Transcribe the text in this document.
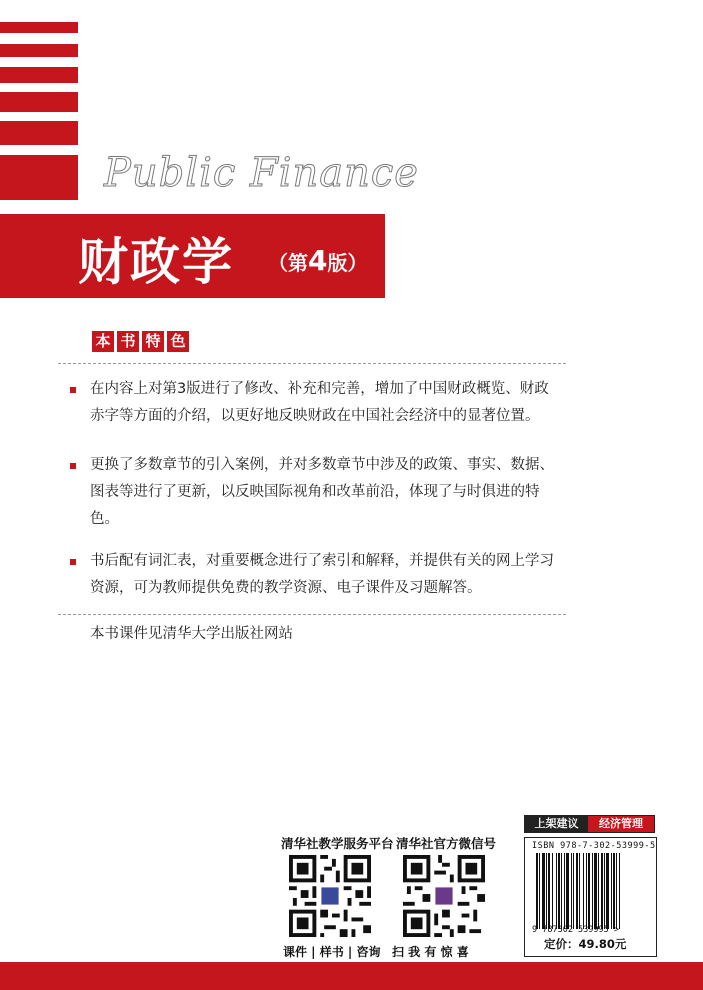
Public Finance
财政学 （第4版）
本 书 特 色
在内容上对第3版进行了修改、补充和完善，增加了中国财政概览、财政赤字等方面的介绍，以更好地反映财政在中国社会经济中的显著位置。
更换了多数章节的引入案例，并对多数章节中涉及的政策、事实、数据、图表等进行了更新，以反映国际视角和改革前沿，体现了与时俱进的特色。
书后配有词汇表，对重要概念进行了索引和解释，并提供有关的网上学习资源，可为教师提供免费的教学资源、电子课件及习题解答。
本书课件见清华大学出版社网站
清华社教学服务平台
课件 | 样书 | 咨询
清华社官方微信号
扫 我 有 惊 喜
上架建议	经济管理
ISBN 978-7-302-53999-5
9 787302 539995 >
定价：49.80元
